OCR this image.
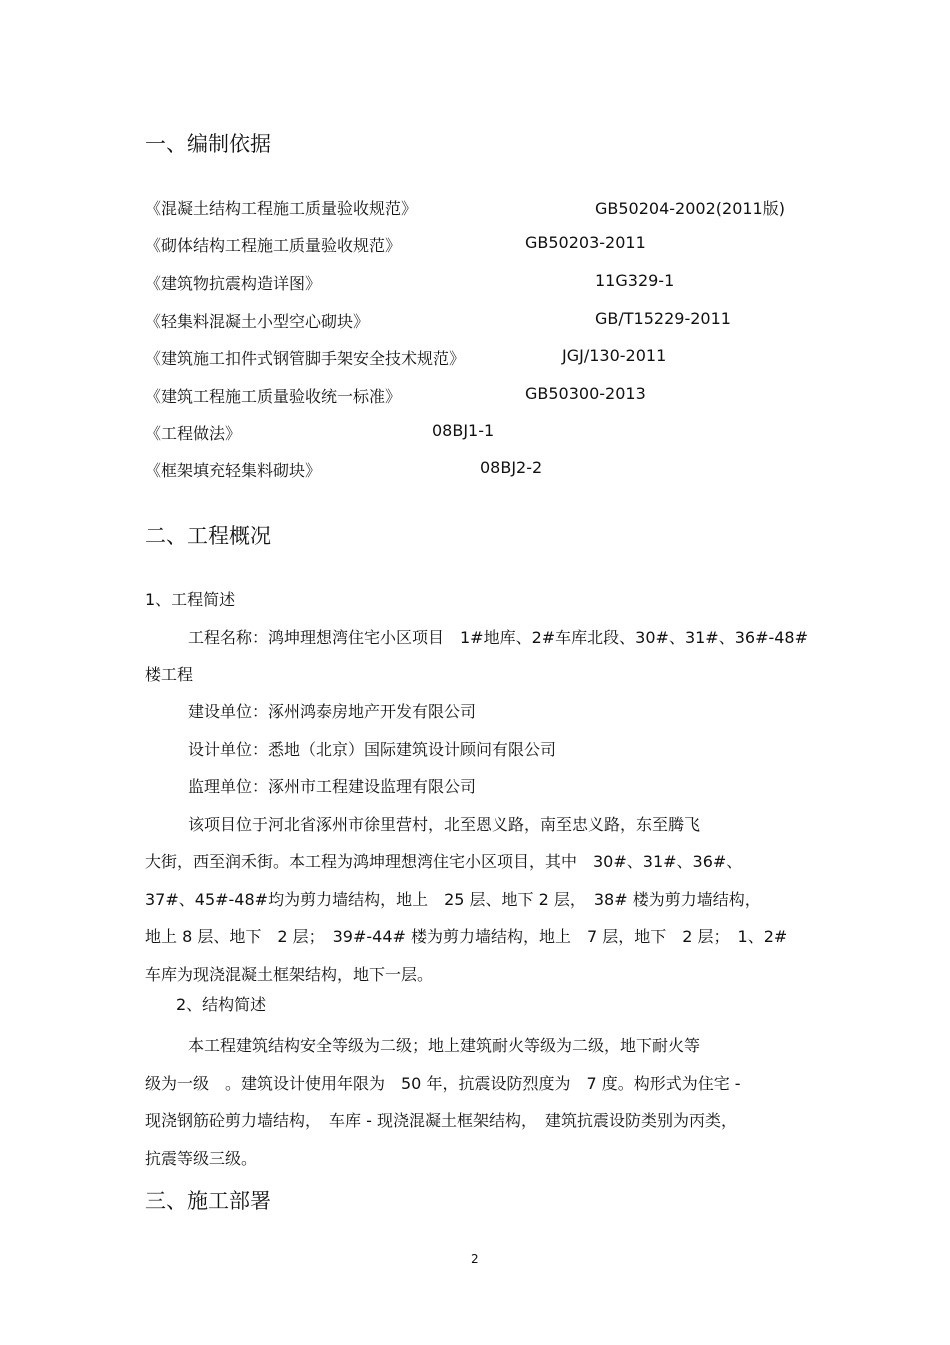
一、编制依据
《混凝土结构工程施工质量验收规范》	GB50204-2002(2011版)
《砌体结构工程施工质量验收规范》	GB50203-2011
《建筑物抗震构造详图》	11G329-1
《轻集料混凝土小型空心砌块》	GB/T15229-2011
《建筑施工扣件式钢管脚手架安全技术规范》	JGJ/130-2011
《建筑工程施工质量验收统一标准》	GB50300-2013
《工程做法》	08BJ1-1
《框架填充轻集料砌块》	08BJ2-2
二、工程概况
1、工程简述
工程名称：鸿坤理想湾住宅小区项目　1#地库、2#车库北段、30#、31#、36#-48#
楼工程
建设单位：涿州鸿泰房地产开发有限公司
设计单位：悉地（北京）国际建筑设计顾问有限公司
监理单位：涿州市工程建设监理有限公司
该项目位于河北省涿州市徐里营村，北至恩义路，南至忠义路，东至腾飞
大街，西至润禾街。本工程为鸿坤理想湾住宅小区项目，其中　30#、31#、36#、
37#、45#-48#均为剪力墙结构，地上　25 层、地下 2 层，　38# 楼为剪力墙结构，
地上 8 层、地下　2 层；　39#-44# 楼为剪力墙结构，地上　7 层，地下　2 层；　1、2#
车库为现浇混凝土框架结构，地下一层。
2、结构简述
本工程建筑结构安全等级为二级；地上建筑耐火等级为二级，地下耐火等
级为一级　。建筑设计使用年限为　50 年，抗震设防烈度为　7 度。构形式为住宅 -
现浇钢筋砼剪力墙结构，　车库 - 现浇混凝土框架结构，　建筑抗震设防类别为丙类，
抗震等级三级。
三、施工部署
2
